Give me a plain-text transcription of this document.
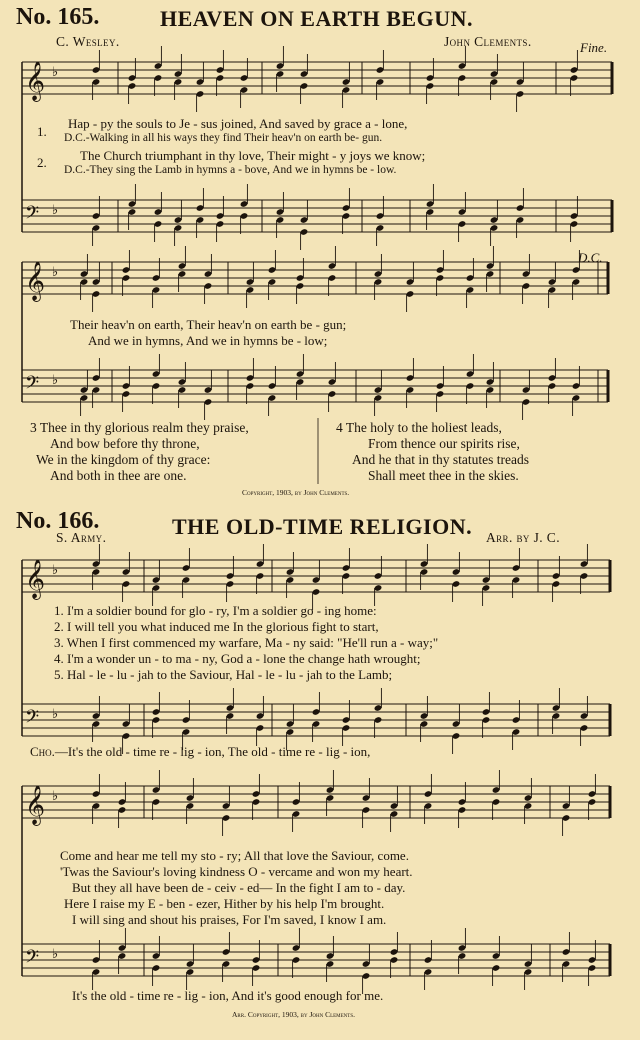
𝄞 ♭
𝄢 ♭
𝄞 ♭
𝄢 ♭
𝄞 ♭
𝄢 ♭
𝄞 ♭
𝄢 ♭
No. 165.	HEAVEN ON EARTH BEGUN.
C. Wesley.	John Clements.	Fine.
1.
2.
Hap - py the souls to Je - sus joined, And saved by grace a - lone,
D.C.-Walking in all his ways they find Their heav'n on earth be- gun.
The Church triumphant in thy love, Their might - y joys we know;
D.C.-They sing the Lamb in hymns a - bove, And we in hymns be - low.
D.C.
Their heav'n on earth, Their heav'n on earth be - gun;
And we in hymns, And we in hymns be - low;
3 Thee in thy glorious realm they praise,
And bow before thy throne,
We in the kingdom of thy grace:
And both in thee are one.
4 The holy to the holiest leads,
From thence our spirits rise,
And he that in thy statutes treads
Shall meet thee in the skies.
Copyright, 1903, by John Clements.
No. 166.	THE OLD-TIME RELIGION.
S. Army.	Arr. by J. C.
1. I'm a soldier bound for glo - ry, I'm a soldier go - ing home:
2. I will tell you what induced me In the glorious fight to start,
3. When I first commenced my warfare, Ma - ny said: "He'll run a - way;"
4. I'm a wonder un - to ma - ny, God a - lone the change hath wrought;
5. Hal - le - lu - jah to the Saviour, Hal - le - lu - jah to the Lamb;
Cho.—It's the old - time re - lig - ion, The old - time re - lig - ion,
Come and hear me tell my sto - ry; All that love the Saviour, come.
'Twas the Saviour's loving kindness O - vercame and won my heart.
But they all have been de - ceiv - ed— In the fight I am to - day.
Here I raise my E - ben - ezer, Hither by his help I'm brought.
I will sing and shout his praises, For I'm saved, I know I am.
It's the old - time re - lig - ion, And it's good enough for me.
Arr. Copyright, 1903, by John Clements.
